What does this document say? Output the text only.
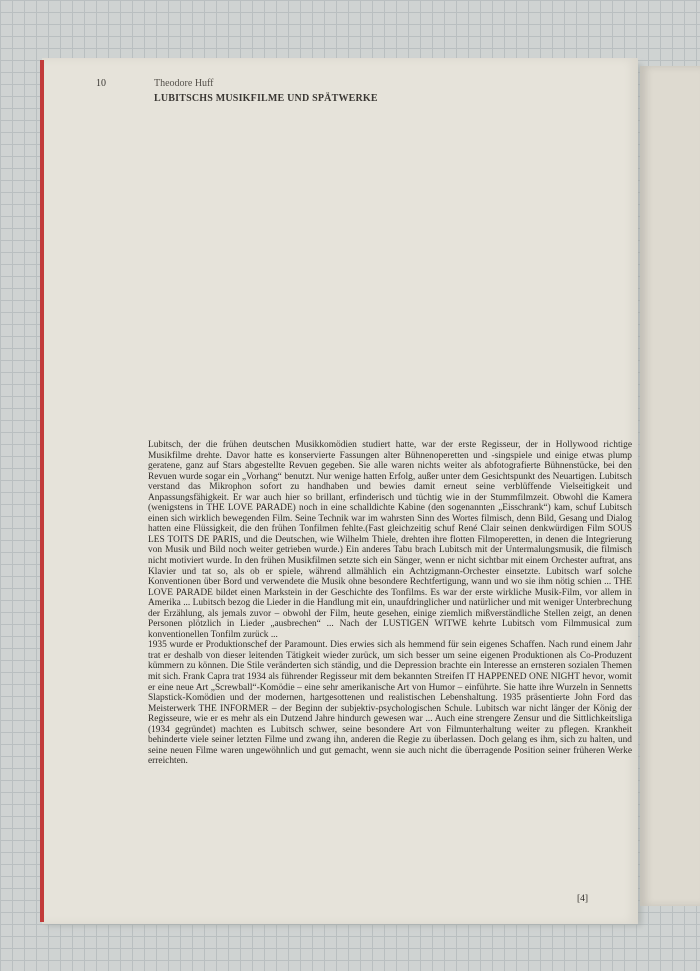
10	Theodore Huff
LUBITSCHS MUSIKFILME UND SPÄTWERKE

Lubitsch, der die frühen deutschen Musikkomödien studiert hatte, war der erste Regisseur, der in Hollywood richtige Musikfilme drehte. Davor hatte es konservierte Fassungen alter Bühnenoperetten und -singspiele und einige etwas plump geratene, ganz auf Stars abgestellte Revuen gegeben. Sie alle waren nichts weiter als abfotografierte Bühnenstücke, bei den Revuen wurde sogar ein „Vorhang“ benutzt. Nur wenige hatten Erfolg, außer unter dem Gesichtspunkt des Neuartigen. Lubitsch verstand das Mikrophon sofort zu handhaben und bewies damit erneut seine verblüffende Vielseitigkeit und Anpassungsfähigkeit. Er war auch hier so brillant, erfinderisch und tüchtig wie in der Stummfilmzeit. Obwohl die Kamera (wenigstens in THE LOVE PARADE) noch in eine schalldichte Kabine (den sogenannten „Eisschrank“) kam, schuf Lubitsch einen sich wirklich bewegenden Film. Seine Technik war im wahrsten Sinn des Wortes filmisch, denn Bild, Gesang und Dialog hatten eine Flüssigkeit, die den frühen Tonfilmen fehlte.(Fast gleichzeitig schuf René Clair seinen denkwürdigen Film SOUS LES TOITS DE PARIS, und die Deutschen, wie Wilhelm Thiele, drehten ihre flotten Filmoperetten, in denen die Integrierung von Musik und Bild noch weiter getrieben wurde.) Ein anderes Tabu brach Lubitsch mit der Untermalungsmusik, die filmisch nicht motiviert wurde. In den frühen Musikfilmen setzte sich ein Sänger, wenn er nicht sichtbar mit einem Orchester auftrat, ans Klavier und tat so, als ob er spiele, während allmählich ein Achtzigmann-Orchester einsetzte. Lubitsch warf solche Konventionen über Bord und verwendete die Musik ohne besondere Rechtfertigung, wann und wo sie ihm nötig schien ... THE LOVE PARADE bildet einen Markstein in der Geschichte des Tonfilms. Es war der erste wirkliche Musik-Film, vor allem in Amerika ... Lubitsch bezog die Lieder in die Handlung mit ein, unaufdringlicher und natürlicher und mit weniger Unterbrechung der Erzählung, als jemals zuvor – obwohl der Film, heute gesehen, einige ziemlich mißverständliche Stellen zeigt, an denen Personen plötzlich in Lieder „ausbrechen“ ... Nach der LUSTIGEN WITWE kehrte Lubitsch vom Filmmusical zum konventionellen Tonfilm zurück ...

1935 wurde er Produktionschef der Paramount. Dies erwies sich als hemmend für sein eigenes Schaffen. Nach rund einem Jahr trat er deshalb von dieser leitenden Tätigkeit wieder zurück, um sich besser um seine eigenen Produktionen als Co-Produzent kümmern zu können. Die Stile veränderten sich ständig, und die Depression brachte ein Interesse an ernsteren sozialen Themen mit sich. Frank Capra trat 1934 als führender Regisseur mit dem bekannten Streifen IT HAPPENED ONE NIGHT hevor, womit er eine neue Art „Screwball“-Komödie – eine sehr amerikanische Art von Humor – einführte. Sie hatte ihre Wurzeln in Sennetts Slapstick-Komödien und der modernen, hartgesottenen und realistischen Lebenshaltung. 1935 präsentierte John Ford das Meisterwerk THE INFORMER – der Beginn der subjektiv-psychologischen Schule. Lubitsch war nicht länger der König der Regisseure, wie er es mehr als ein Dutzend Jahre hindurch gewesen war ... Auch eine strengere Zensur und die Sittlichkeitsliga (1934 gegründet) machten es Lubitsch schwer, seine besondere Art von Filmunterhaltung weiter zu pflegen. Krankheit behinderte viele seiner letzten Filme und zwang ihn, anderen die Regie zu überlassen. Doch gelang es ihm, sich zu halten, und seine neuen Filme waren ungewöhnlich und gut gemacht, wenn sie auch nicht die überragende Position seiner früheren Werke erreichten.

[4]
